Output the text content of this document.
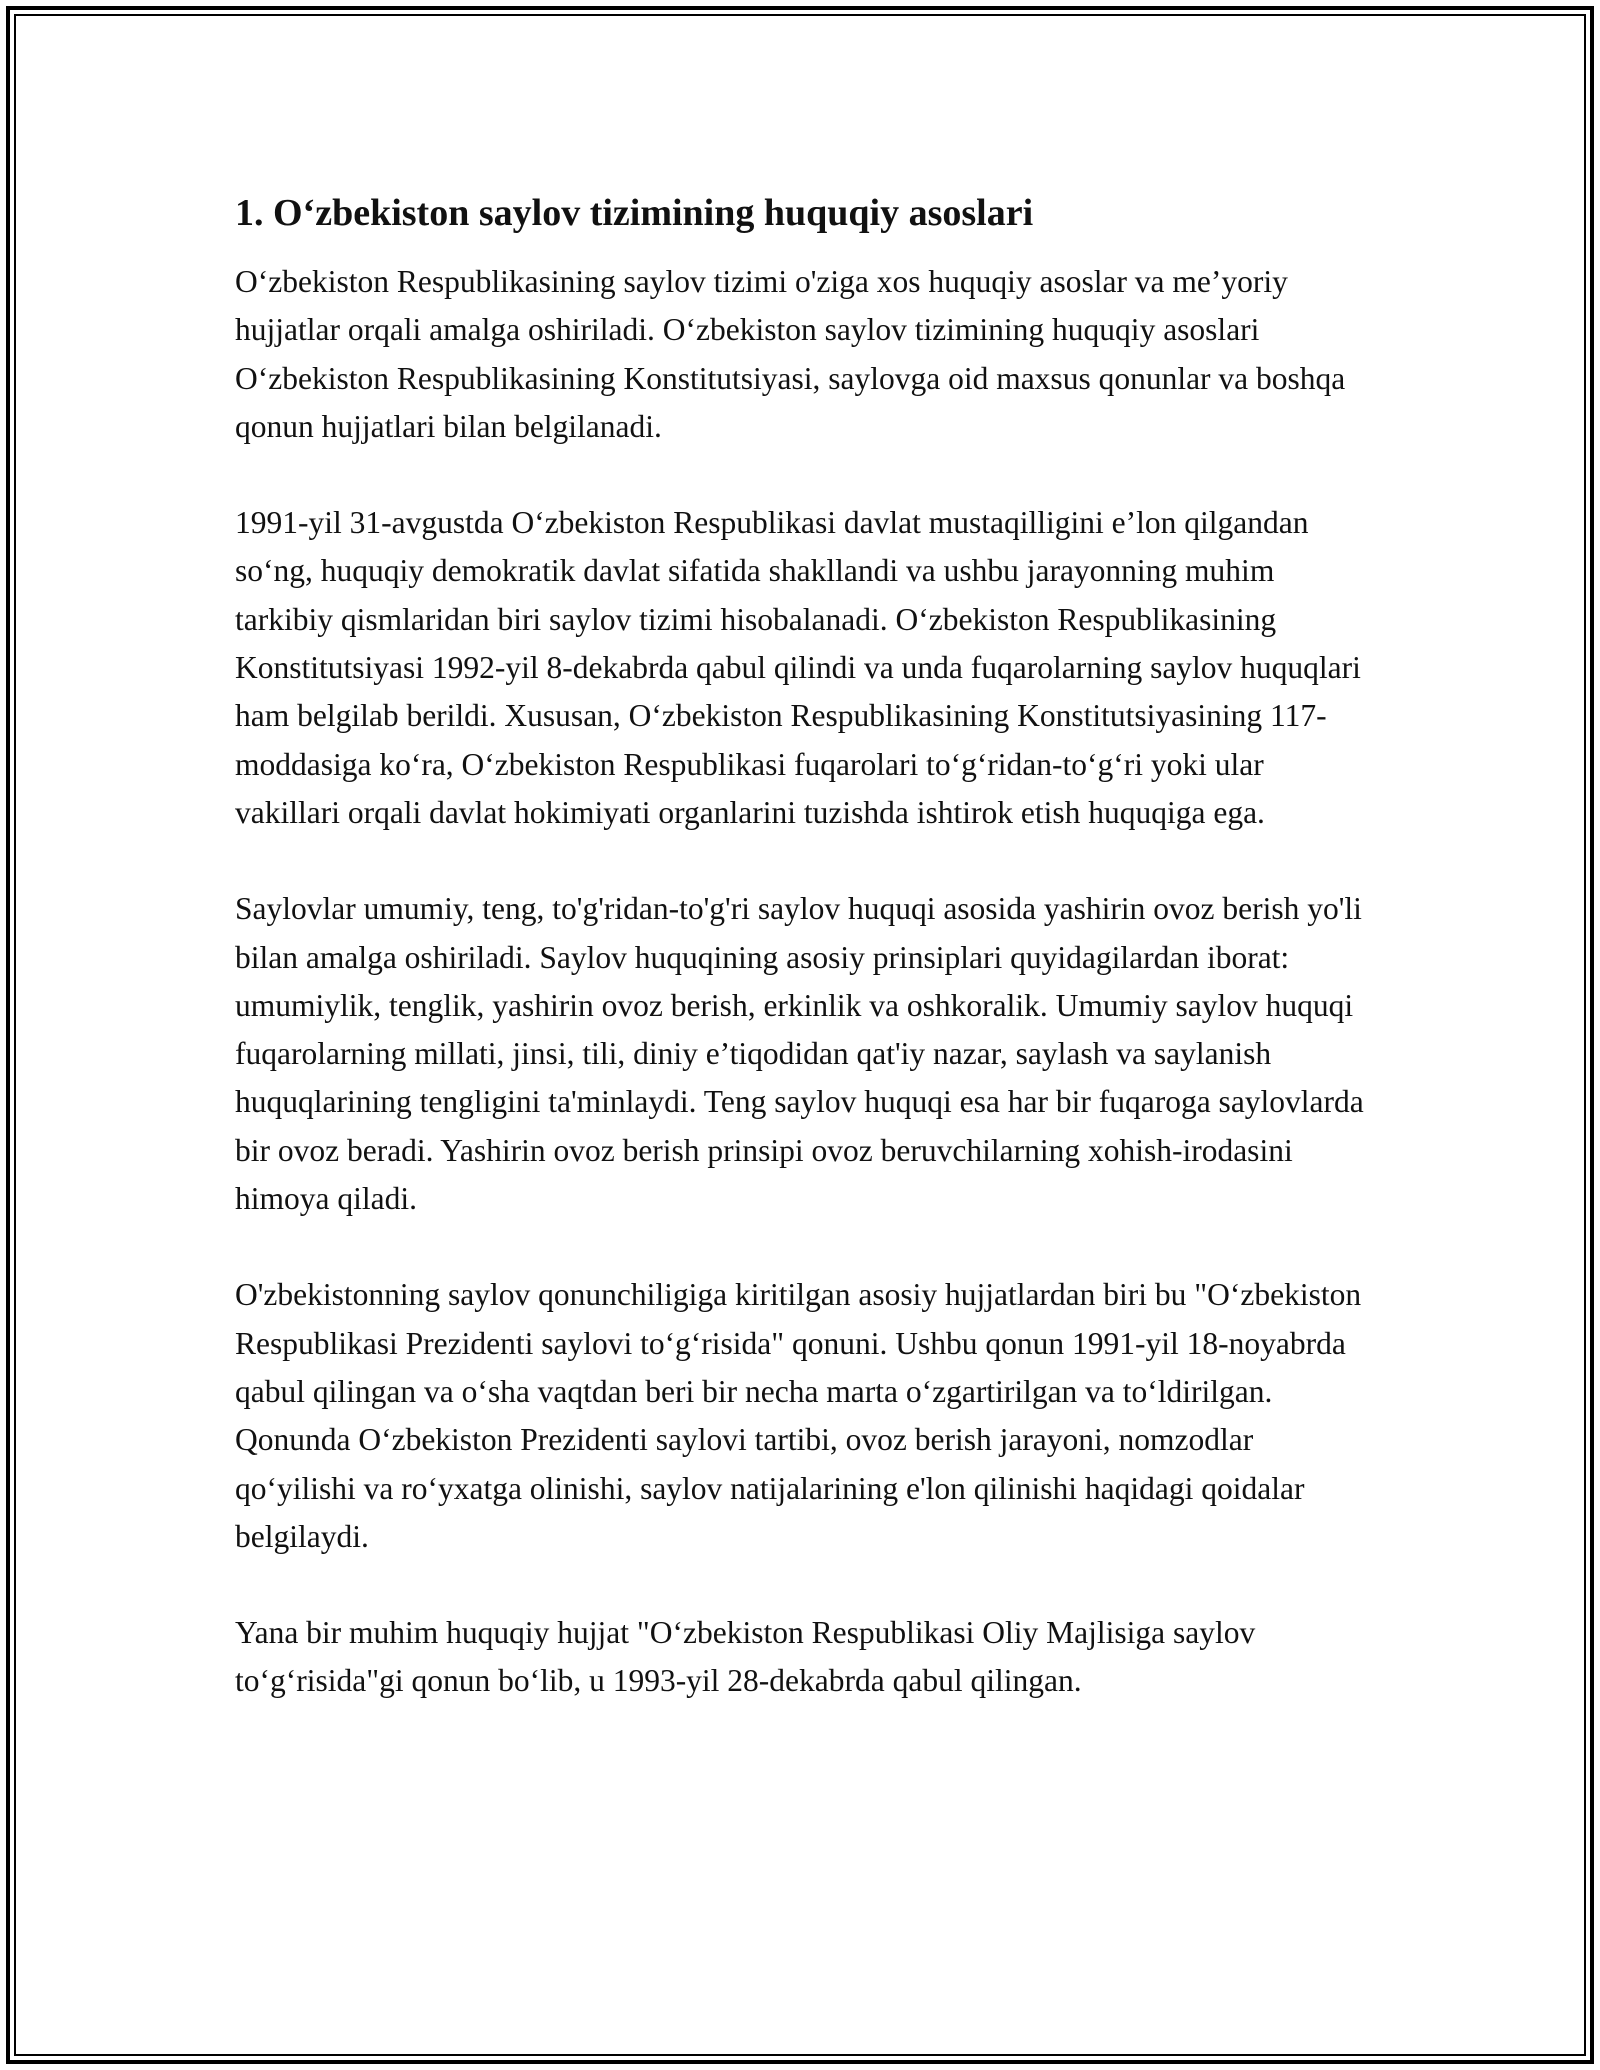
1. O‘zbekiston saylov tizimining huquqiy asoslari

O‘zbekiston Respublikasining saylov tizimi o'ziga xos huquqiy asoslar va me’yoriy hujjatlar orqali amalga oshiriladi. O‘zbekiston saylov tizimining huquqiy asoslari O‘zbekiston Respublikasining Konstitutsiyasi, saylovga oid maxsus qonunlar va boshqa qonun hujjatlari bilan belgilanadi.

1991-yil 31-avgustda O‘zbekiston Respublikasi davlat mustaqilligini e’lon qilgandan so‘ng, huquqiy demokratik davlat sifatida shakllandi va ushbu jarayonning muhim tarkibiy qismlaridan biri saylov tizimi hisobalanadi. O‘zbekiston Respublikasining Konstitutsiyasi 1992-yil 8-dekabrda qabul qilindi va unda fuqarolarning saylov huquqlari ham belgilab berildi. Xususan, O‘zbekiston Respublikasining Konstitutsiyasining 117-moddasiga ko‘ra, O‘zbekiston Respublikasi fuqarolari to‘g‘ridan-to‘g‘ri yoki ular vakillari orqali davlat hokimiyati organlarini tuzishda ishtirok etish huquqiga ega.

Saylovlar umumiy, teng, to'g'ridan-to'g'ri saylov huquqi asosida yashirin ovoz berish yo'li bilan amalga oshiriladi. Saylov huquqining asosiy prinsiplari quyidagilardan iborat: umumiylik, tenglik, yashirin ovoz berish, erkinlik va oshkoralik. Umumiy saylov huquqi fuqarolarning millati, jinsi, tili, diniy e’tiqodidan qat'iy nazar, saylash va saylanish huquqlarining tengligini ta'minlaydi. Teng saylov huquqi esa har bir fuqaroga saylovlarda bir ovoz beradi. Yashirin ovoz berish prinsipi ovoz beruvchilarning xohish-irodasini himoya qiladi.

O'zbekistonning saylov qonunchiligiga kiritilgan asosiy hujjatlardan biri bu "O‘zbekiston Respublikasi Prezidenti saylovi to‘g‘risida" qonuni. Ushbu qonun 1991-yil 18-noyabrda qabul qilingan va o‘sha vaqtdan beri bir necha marta o‘zgartirilgan va to‘ldirilgan. Qonunda O‘zbekiston Prezidenti saylovi tartibi, ovoz berish jarayoni, nomzodlar qo‘yilishi va ro‘yxatga olinishi, saylov natijalarining e'lon qilinishi haqidagi qoidalar belgilaydi.

Yana bir muhim huquqiy hujjat "O‘zbekiston Respublikasi Oliy Majlisiga saylov to‘g‘risida"gi qonun bo‘lib, u 1993-yil 28-dekabrda qabul qilingan.
